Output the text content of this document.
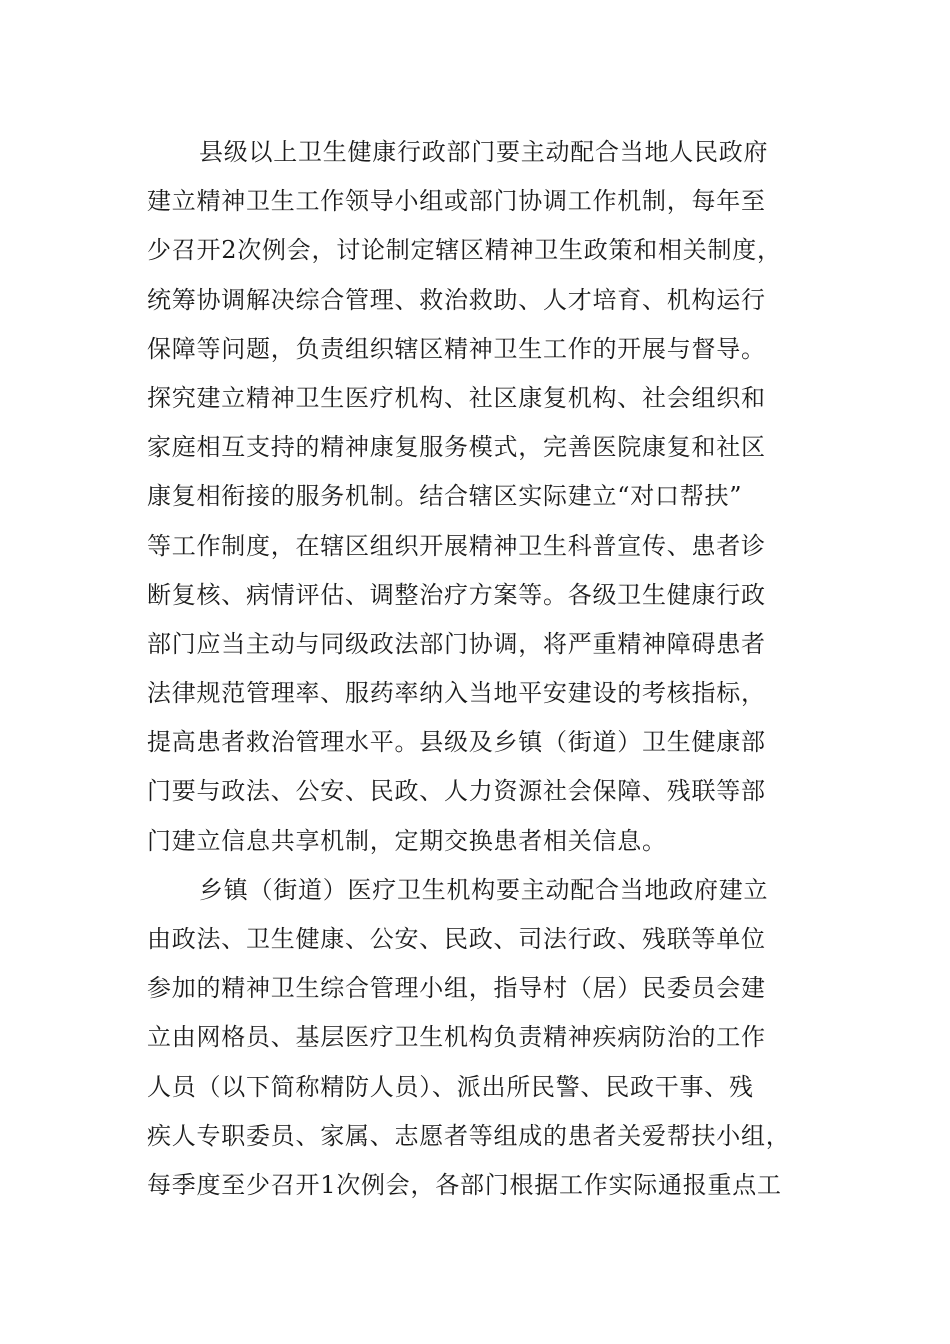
县级以上卫生健康行政部门要主动配合当地人民政府
建立精神卫生工作领导小组或部门协调工作机制，每年至
少召开2次例会，讨论制定辖区精神卫生政策和相关制度，
统筹协调解决综合管理、救治救助、人才培育、机构运行
保障等问题，负责组织辖区精神卫生工作的开展与督导。
探究建立精神卫生医疗机构、社区康复机构、社会组织和
家庭相互支持的精神康复服务模式，完善医院康复和社区
康复相衔接的服务机制。结合辖区实际建立“对口帮扶”
等工作制度，在辖区组织开展精神卫生科普宣传、患者诊
断复核、病情评估、调整治疗方案等。各级卫生健康行政
部门应当主动与同级政法部门协调，将严重精神障碍患者
法律规范管理率、服药率纳入当地平安建设的考核指标，
提高患者救治管理水平。县级及乡镇（街道）卫生健康部
门要与政法、公安、民政、人力资源社会保障、残联等部
门建立信息共享机制，定期交换患者相关信息。
乡镇（街道）医疗卫生机构要主动配合当地政府建立
由政法、卫生健康、公安、民政、司法行政、残联等单位
参加的精神卫生综合管理小组，指导村（居）民委员会建
立由网格员、基层医疗卫生机构负责精神疾病防治的工作
人员（以下简称精防人员）、派出所民警、民政干事、残
疾人专职委员、家属、志愿者等组成的患者关爱帮扶小组，
每季度至少召开1次例会，各部门根据工作实际通报重点工
